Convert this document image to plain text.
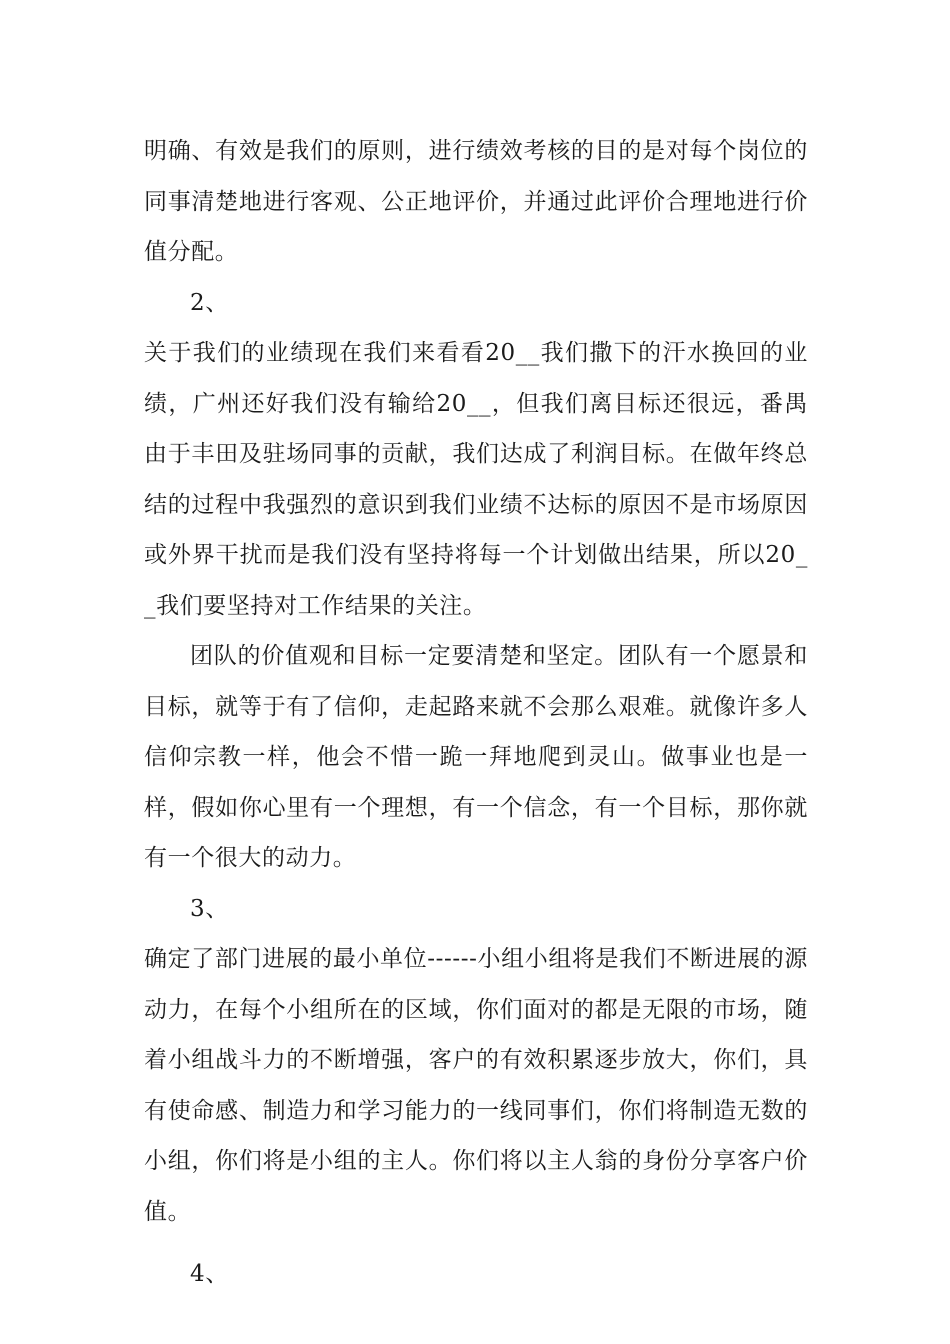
明确、有效是我们的原则，进行绩效考核的目的是对每个岗位的同事清楚地进行客观、公正地评价，并通过此评价合理地进行价值分配。

2、

关于我们的业绩现在我们来看看20__我们撒下的汗水换回的业绩，广州还好我们没有输给20__，但我们离目标还很远，番禺由于丰田及驻场同事的贡献，我们达成了利润目标。在做年终总结的过程中我强烈的意识到我们业绩不达标的原因不是市场原因或外界干扰而是我们没有坚持将每一个计划做出结果，所以20__我们要坚持对工作结果的关注。

团队的价值观和目标一定要清楚和坚定。团队有一个愿景和目标，就等于有了信仰，走起路来就不会那么艰难。就像许多人信仰宗教一样，他会不惜一跪一拜地爬到灵山。做事业也是一样，假如你心里有一个理想，有一个信念，有一个目标，那你就有一个很大的动力。

3、

确定了部门进展的最小单位------小组小组将是我们不断进展的源动力，在每个小组所在的区域，你们面对的都是无限的市场，随着小组战斗力的不断增强，客户的有效积累逐步放大，你们，具有使命感、制造力和学习能力的一线同事们，你们将制造无数的小组，你们将是小组的主人。你们将以主人翁的身份分享客户价值。

4、
